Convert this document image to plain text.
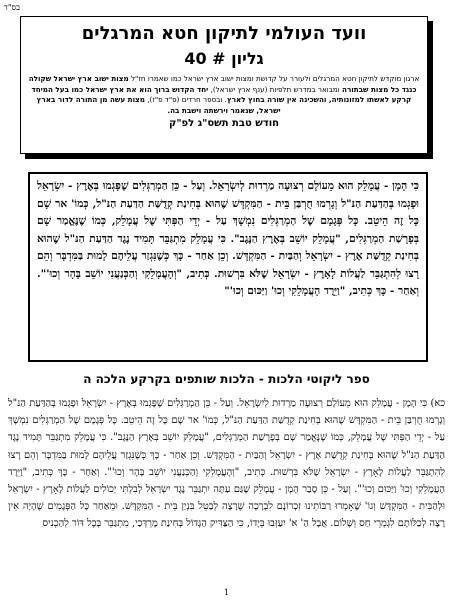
בס"ד
וועד העולמי לתיקון חטא המרגלים
גליון # 40
ארגון מוקדש לתיקון חטא המרגלים ולעורר על קדושת ומצות ישוב ארץ ישראל כמו שאמרו חז"ל מצות ישוב ארץ ישראל שקולה כנגד כל מצות שבתורה ומבואר במדרש תלפיות (ענף ארץ ישראל), יחד הקדוש ברוך הוא את ארץ ישראל כמו בעל המיחד קרקע לאשתו למזונותיה, והשכינה אין שורה בחוץ לארץ. ובספר חרדים (פ"ד פ"ז), מצות עשה מן התורה לדור בארץ ישראל, שנאמר וירשתה וישבת בה.
חודש טבת תשס"ג לפ"ק
כִּי הָמָן - עֲמָלֵק הוּא מֵעוֹלָם רְצוּעָה מַרְדוּת לְיִשְׂרָאֵל. וְעַל - כֵּן הַמְרַגְּלִים שֶׁפָּגְמוּ בְּאֶרֶץ - יִשְׂרָאֵל וּפָגְמוּ בְּהַדַּעַת הַנּ"ל וְגָרְמוּ חֻרְבַּן בֵּית - הַמִּקְדָּשׁ שֶׁהוּא בְּחִינַת קְדֻשַּׁת הַדַּעַת הַנּ"ל, כְּמוֹ' אר שָׁם כָּל זֶה הֵיטֵב. כָּל פְּגָמָם שֶׁל הַמְרַגְּלִים נִמְשָׁךְ עַל - יְדֵי הַפְּתִּי שֶׁל עֲמָלֵק, כְּמוֹ שֶׁנֶּאֱמַר שָׁם בְּפָרָשַׁת הַמְרַגְּלִים, "עֲמָלֵק יוֹשֵׁב בְּאֶרֶץ הַנֶּגֶב". כִּי עֲמָלֵק מִתְגַּבֵּר תָּמִיד נֶגֶד הַדַּעַת הַנּ"ל שֶׁהוּא בְּחִינַת קְדֻשַּׁת אֶרֶץ - יִשְׂרָאֵל וְהַבַּיִת - הַמִּקְדָּשׁ. וְכֵן אַחַר - כָּךְ כְּשֶׁנִּגְזַר עֲלֵיהֶם לָמוּת בַּמִּדְבָּר וְהֵם רָצוּ לְהִתְגַּבֵּר לַעֲלוֹת לָאָרֶץ - יִשְׂרָאֵל שֶׁלֹּא בִּרְשׁוּת. כְּתִיב, "וְהָעֲמָלֵקִי וְהַכְּנַעֲנִי יוֹשֵׁב בָּהָר וְכוּ'". וְאַחַר - כָּךְ כְּתִיב, "וַיֵּרֶד הָעֲמָלֵקִי וְכוּ' וַיַּכּוּם וְכוּ'"
ספר ליקוטי הלכות - הלכות שותפים בקרקע הלכה ה
כא) כִּי הָמָן - עֲמָלֵק הוּא מֵעוֹלָם רְצוּעָה מַרְדוּת לְיִשְׂרָאֵל. וְעַל - כֵּן הַמְרַגְּלִים שֶׁפָּגְמוּ בְּאֶרֶץ - יִשְׂרָאֵל וּפָגְמוּ בְּהַדַּעַת הַנּ"ל וְגָרְמוּ חֻרְבַּן בֵּית - הַמִּקְדָּשׁ שֶׁהוּא בְּחִינַת קְדֻשַּׁת הַדַּעַת הַנּ"ל, כְּמוֹ' אר שָׁם כָּל זֶה הֵיטֵב. כָּל פְּגָמָם שֶׁל הַמְרַגְּלִים נִמְשָׁךְ עַל - יְדֵי הַפְּתִּי שֶׁל עֲמָלֵק, כְּמוֹ שֶׁנֶּאֱמַר שָׁם בְּפָרָשַׁת הַמְרַגְּלִים, "עֲמָלֵק יוֹשֵׁב בְּאֶרֶץ הַנֶּגֶב". כִּי עֲמָלֵק מִתְגַּבֵּר תָּמִיד נֶגֶד הַדַּעַת הַנּ"ל שֶׁהוּא בְּחִינַת קְדֻשַּׁת אֶרֶץ - יִשְׂרָאֵל וְהַבַּיִת - הַמִּקְדָּשׁ. וְכֵן אַחַר - כָּךְ כְּשֶׁנִּגְזַר עֲלֵיהֶם לָמוּת בַּמִּדְבָּר וְהֵם רָצוּ לְהִתְגַּבֵּר לַעֲלוֹת לָאָרֶץ - יִשְׂרָאֵל שֶׁלֹּא בִּרְשׁוּת. כְּתִיב, "וְהָעֲמָלֵקִי וְהַכְּנַעֲנִי יוֹשֵׁב בָּהָר וְכוּ'". וְאַחַר - כָּךְ כְּתִיב, "וַיֵּרֶד הָעֲמָלֵקִי וְכוּ' וַיַּכּוּם וְכוּ'". וְעַל - כֵּן סָבַר הָמָן - עֲמָלֵק שֶׁגַּם עַתָּה יִתְגַּבֵּר נֶגֶד יִשְׂרָאֵל לְבִלְתִּי יְכוֹלִים לַעֲלוֹת לָאָרֶץ - יִשְׂרָאֵל וּלְהַבִּית - הַמִּקְדָּשׁ וְגוֹ' שֶׁאָמְרוּ רַבּוֹתֵינוּ זִכְרוֹנָם לִבְרָכָה שֶׁרָצָה לְבַטֵּל בִּנְיַן בֵּית - הַמִּקְדָּשׁ. וּמֵאַחַר כָּל הַפְּגָמִים שֶׁהָיָה אֵין רָצָה לְכַלּוֹתָם לִגְמְרֵי חַס וְשָׁלוֹם. אֲבָל הַ' א' יִעַזְּבוּ בְּיָדוֹ, כִּי הַצַּדִּיק הַגָּדוֹל בְּחִינַת מָרְדְּכַי, מִתְגַּבֵּר בְּכָל דּוֹר לְהַכְנִיס
1
